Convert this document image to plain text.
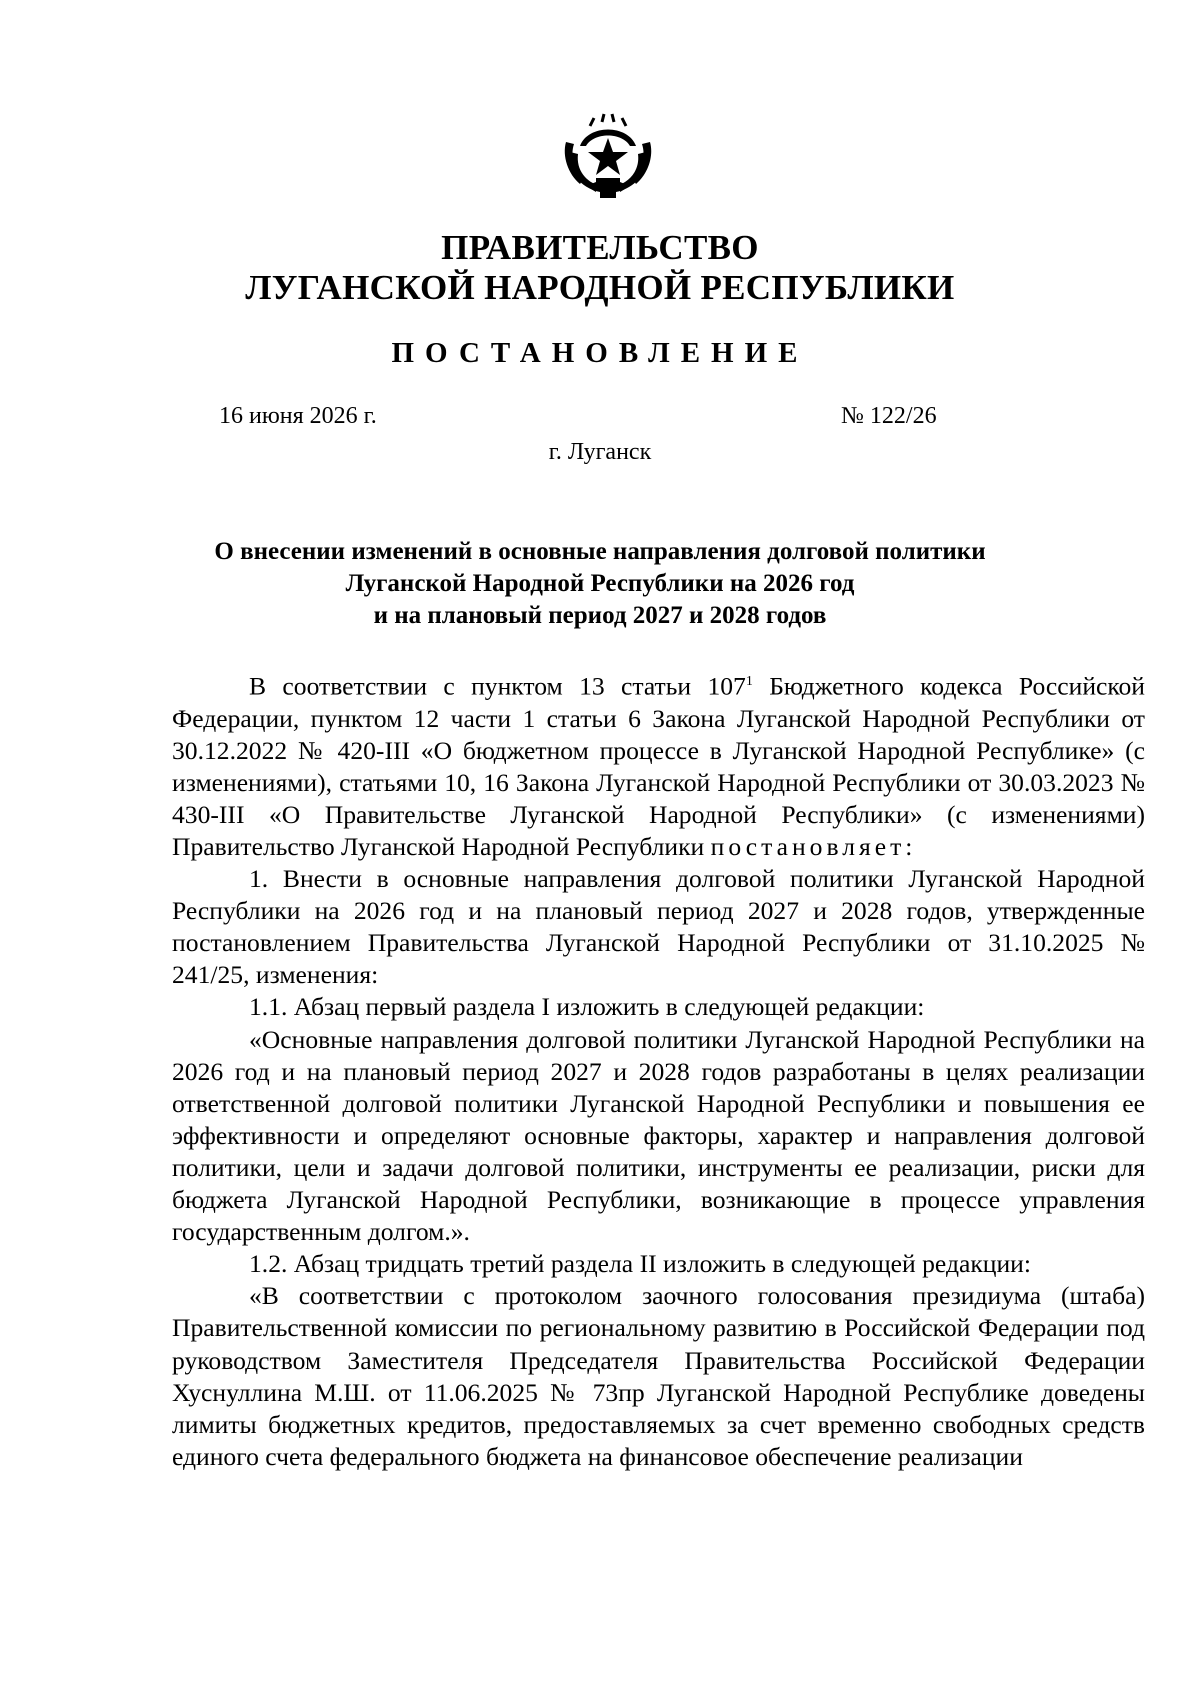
ПРАВИТЕЛЬСТВО
ЛУГАНСКОЙ НАРОДНОЙ РЕСПУБЛИКИ
ПОСТАНОВЛЕНИЕ
16 июня 2026 г.	№ 122/26
г. Луганск
О внесении изменений в основные направления долговой политики
Луганской Народной Республики на 2026 год
и на плановый период 2027 и 2028 годов

В соответствии с пунктом 13 статьи $107^1$ Бюджетного кодекса Российской Федерации, пунктом 12 части 1 статьи 6 Закона Луганской Народной Республики от 30.12.2022 № 420-III «О бюджетном процессе в Луганской Народной Республике» (с изменениями), статьями 10, 16 Закона Луганской Народной Республики от 30.03.2023 № 430-III «О Правительстве Луганской Народной Республики» (с изменениями) Правительство Луганской Народной Республики постановляет:

1. Внести в основные направления долговой политики Луганской Народной Республики на 2026 год и на плановый период 2027 и 2028 годов, утвержденные постановлением Правительства Луганской Народной Республики от 31.10.2025 № 241/25, изменения:

1.1. Абзац первый раздела I изложить в следующей редакции:

«Основные направления долговой политики Луганской Народной Республики на 2026 год и на плановый период 2027 и 2028 годов разработаны в целях реализации ответственной долговой политики Луганской Народной Республики и повышения ее эффективности и определяют основные факторы, характер и направления долговой политики, цели и задачи долговой политики, инструменты ее реализации, риски для бюджета Луганской Народной Республики, возникающие в процессе управления государственным долгом.».

1.2. Абзац тридцать третий раздела II изложить в следующей редакции:

«В соответствии с протоколом заочного голосования президиума (штаба) Правительственной комиссии по региональному развитию в Российской Федерации под руководством Заместителя Председателя Правительства Российской Федерации Хуснуллина М.Ш. от 11.06.2025 № 73пр Луганской Народной Республике доведены лимиты бюджетных кредитов, предоставляемых за счет временно свободных средств единого счета федерального бюджета на финансовое обеспечение реализации
